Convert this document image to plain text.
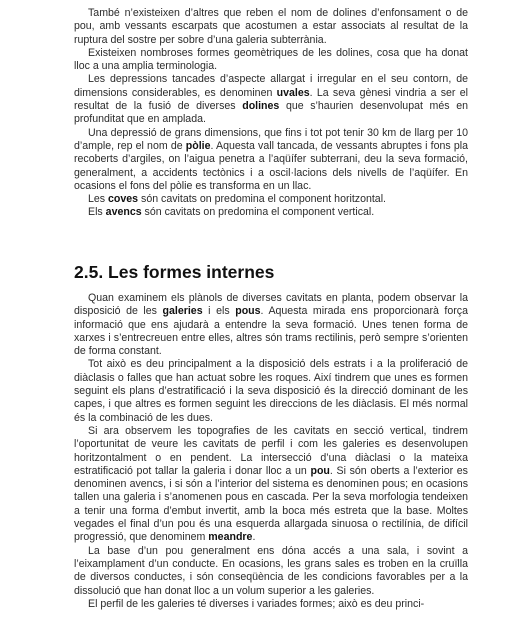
També n’existeixen d’altres que reben el nom de dolines d’enfonsament o de pou, amb vessants escarpats que acostumen a estar associats al resultat de la ruptura del sostre per sobre d’una galeria subterrània.

Existeixen nombroses formes geomètriques de les dolines, cosa que ha donat lloc a una amplia terminologia.

Les depressions tancades d’aspecte allargat i irregular en el seu contorn, de dimensions considerables, es denominen uvales. La seva gènesi vindria a ser el resultat de la fusió de diverses dolines que s’haurien desenvolupat més en profunditat que en amplada.

Una depressió de grans dimensions, que fins i tot pot tenir 30 km de llarg per 10 d’ample, rep el nom de pòlie. Aquesta vall tancada, de vessants abruptes i fons pla recoberts d’argiles, on l’aigua penetra a l’aqüífer subterrani, deu la seva formació, generalment, a accidents tectònics i a oscil·lacions dels nivells de l’aqüífer. En ocasions el fons del pòlie es transforma en un llac.

Les coves són cavitats on predomina el component horitzontal.

Els avencs són cavitats on predomina el component vertical.

2.5. Les formes internes

Quan examinem els plànols de diverses cavitats en planta, podem observar la disposició de les galeries i els pous. Aquesta mirada ens proporcionarà força informació que ens ajudarà a entendre la seva formació. Unes tenen forma de xarxes i s’entrecreuen entre elles, altres són trams rectilinis, però sempre s’orienten de forma constant.

Tot això es deu principalment a la disposició dels estrats i a la proliferació de diàclasis o falles que han actuat sobre les roques. Així tindrem que unes es formen seguint els plans d’estratificació i la seva disposició és la direcció dominant de les capes, i que altres es formen seguint les direccions de les diàclasis. El més normal és la combinació de les dues.

Si ara observem les topografies de les cavitats en secció vertical, tindrem l’oportunitat de veure les cavitats de perfil i com les galeries es desenvolupen horitzontalment o en pendent. La intersecció d’una diàclasi o la mateixa estratificació pot tallar la galeria i donar lloc a un pou. Si són oberts a l’exterior es denominen avencs, i si són a l’interior del sistema es denominen pous; en ocasions tallen una galeria i s’anomenen pous en cascada. Per la seva morfologia tendeixen a tenir una forma d’embut invertit, amb la boca més estreta que la base. Moltes vegades el final d’un pou és una esquerda allargada sinuosa o rectilínia, de difícil progressió, que denominem meandre.

La base d’un pou generalment ens dóna accés a una sala, i sovint a l’eixamplament d’un conducte. En ocasions, les grans sales es troben en la cruïlla de diversos conductes, i són conseqüència de les condicions favorables per a la dissolució que han donat lloc a un volum superior a les galeries.

El perfil de les galeries té diverses i variades formes; això es deu princi-
